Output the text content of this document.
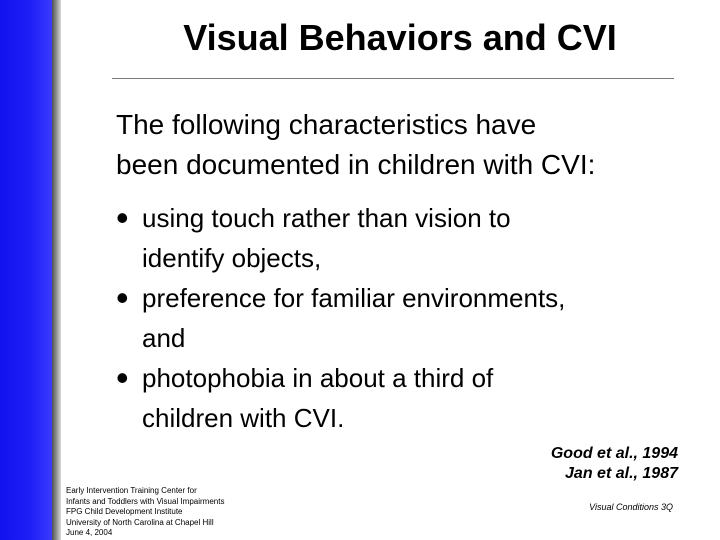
Visual Behaviors and CVI
The following characteristics have
been documented in children with CVI:
• using touch rather than vision to
identify objects,
• preference for familiar environments,
and
• photophobia in about a third of
children with CVI.
Good et al., 1994
Jan et al., 1987
Early Intervention Training Center for
Infants and Toddlers with Visual Impairments
FPG Child Development Institute
University of North Carolina at Chapel Hill
June 4, 2004
Visual Conditions 3Q
